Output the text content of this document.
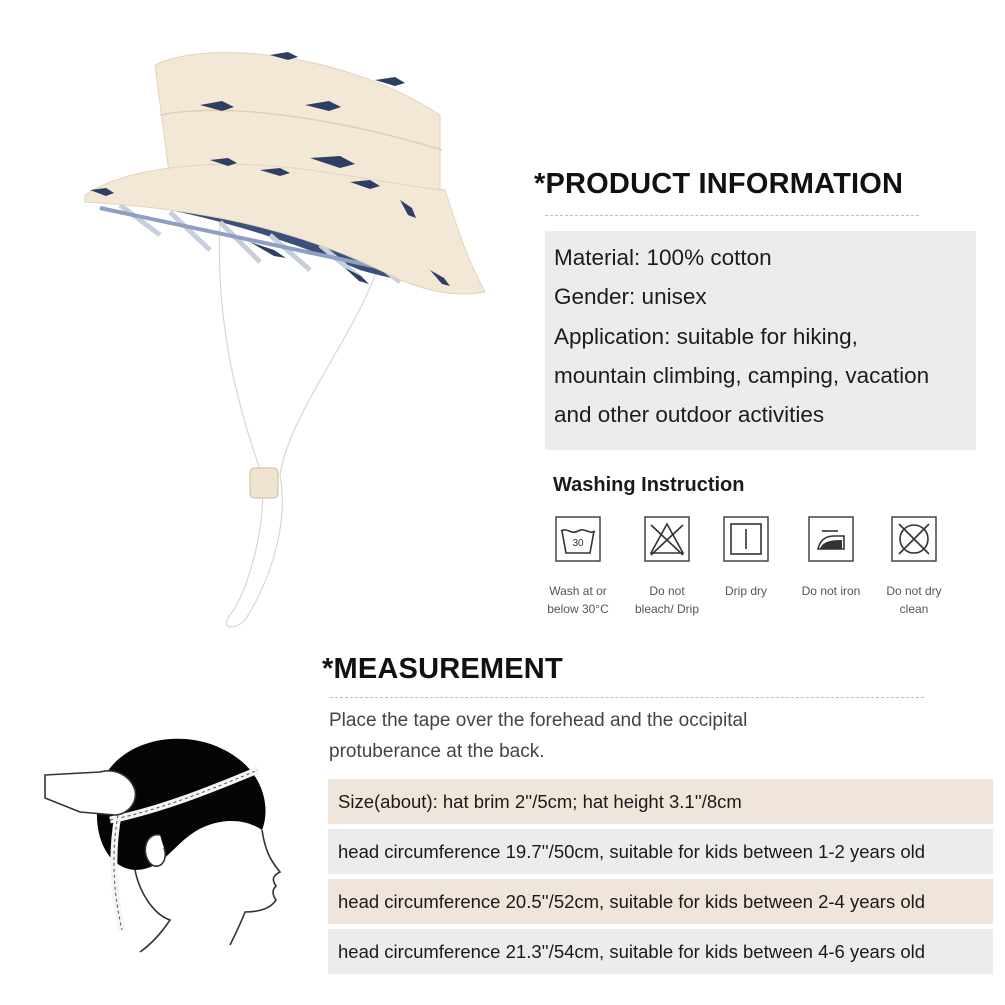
*PRODUCT INFORMATION
Material: 100% cotton
Gender: unisex
Application: suitable for hiking,
mountain climbing, camping, vacation
and other outdoor activities
Washing Instruction
30
Wash at or
below 30°C
Do not
bleach/ Drip
Drip dry	Do not iron	Do not dry
clean
*MEASUREMENT
Place the tape over the forehead and the occipital
protuberance at the back.
Size(about): hat brim 2''/5cm; hat height 3.1''/8cm
head circumference 19.7''/50cm, suitable for kids between 1-2 years old
head circumference 20.5''/52cm, suitable for kids between 2-4 years old
head circumference 21.3''/54cm, suitable for kids between 4-6 years old
